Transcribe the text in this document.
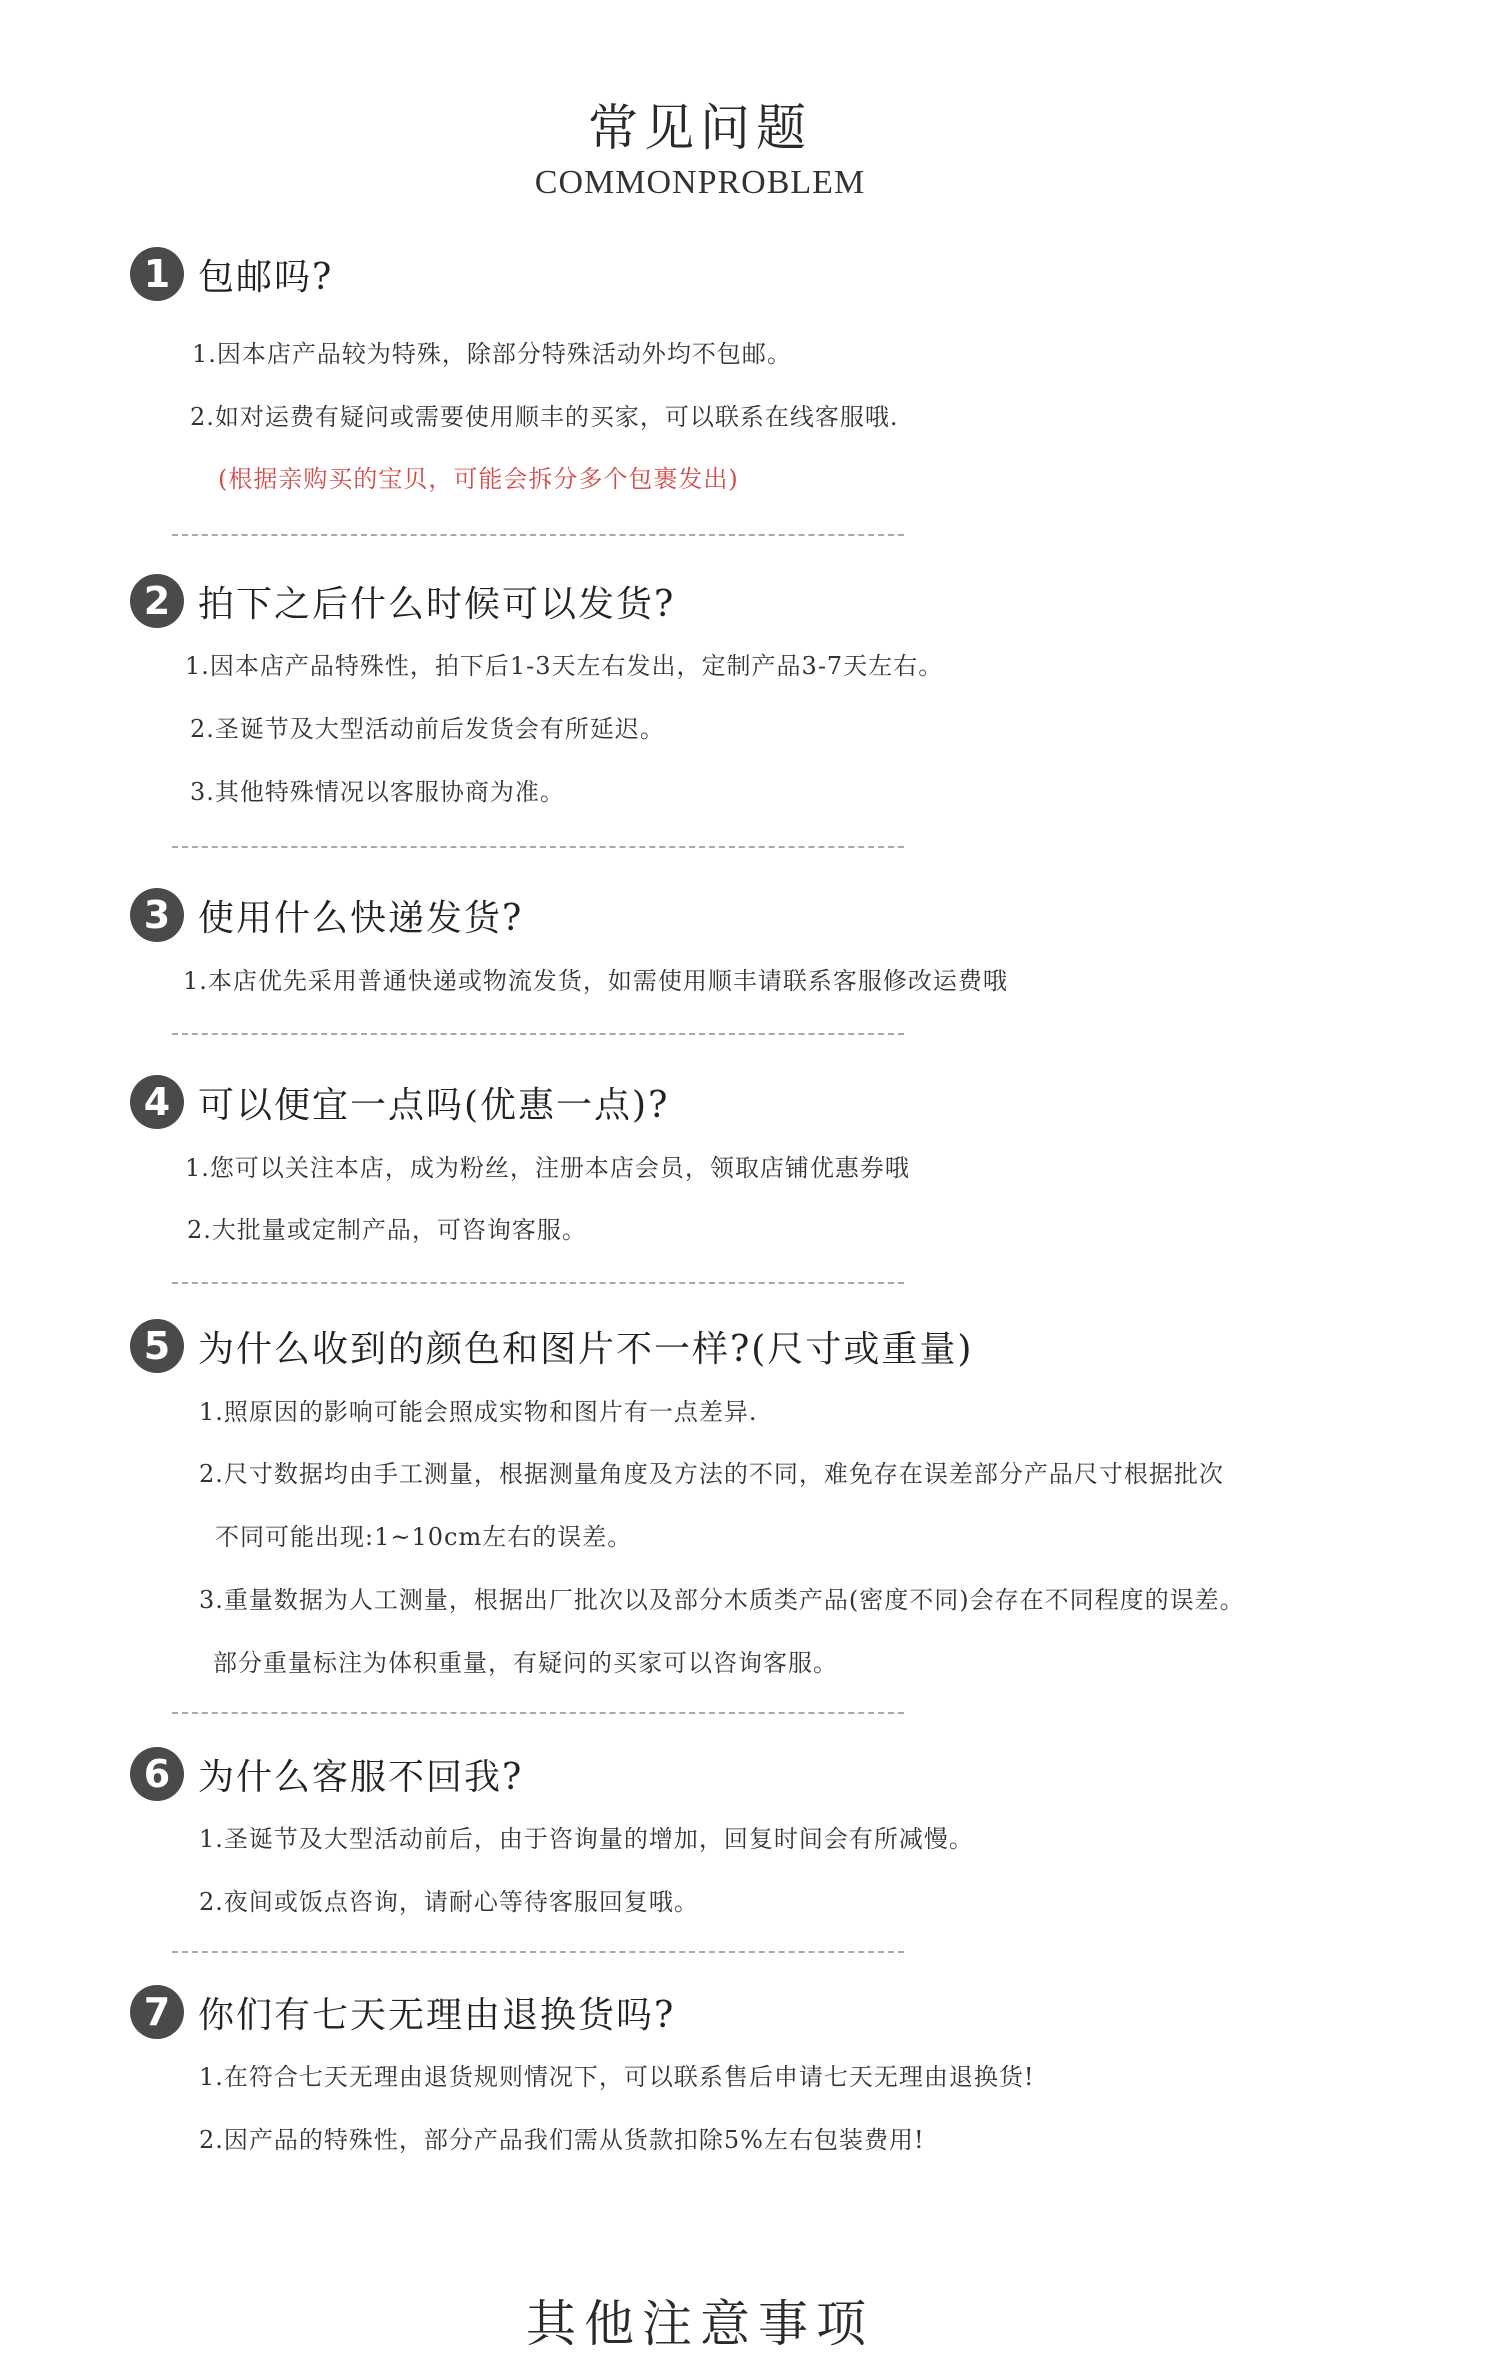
常见问题
COMMONPROBLEM
1 包邮吗?
1.因本店产品较为特殊，除部分特殊活动外均不包邮。
2.如对运费有疑问或需要使用顺丰的买家，可以联系在线客服哦.
(根据亲购买的宝贝，可能会拆分多个包裹发出)
2 拍下之后什么时候可以发货?
1.因本店产品特殊性，拍下后1-3天左右发出，定制产品3-7天左右。
2.圣诞节及大型活动前后发货会有所延迟。
3.其他特殊情况以客服协商为准。
3 使用什么快递发货?
1.本店优先采用普通快递或物流发货，如需使用顺丰请联系客服修改运费哦
4 可以便宜一点吗(优惠一点)?
1.您可以关注本店，成为粉丝，注册本店会员，领取店铺优惠券哦
2.大批量或定制产品，可咨询客服。
5 为什么收到的颜色和图片不一样?(尺寸或重量)
1.照原因的影响可能会照成实物和图片有一点差异.
2.尺寸数据均由手工测量，根据测量角度及方法的不同，难免存在误差部分产品尺寸根据批次
不同可能出现:1~10cm左右的误差。
3.重量数据为人工测量，根据出厂批次以及部分木质类产品(密度不同)会存在不同程度的误差。
部分重量标注为体积重量，有疑问的买家可以咨询客服。
6 为什么客服不回我?
1.圣诞节及大型活动前后，由于咨询量的增加，回复时间会有所减慢。
2.夜间或饭点咨询，请耐心等待客服回复哦。
7 你们有七天无理由退换货吗?
1.在符合七天无理由退货规则情况下，可以联系售后申请七天无理由退换货!
2.因产品的特殊性，部分产品我们需从货款扣除5%左右包装费用!
其他注意事项
